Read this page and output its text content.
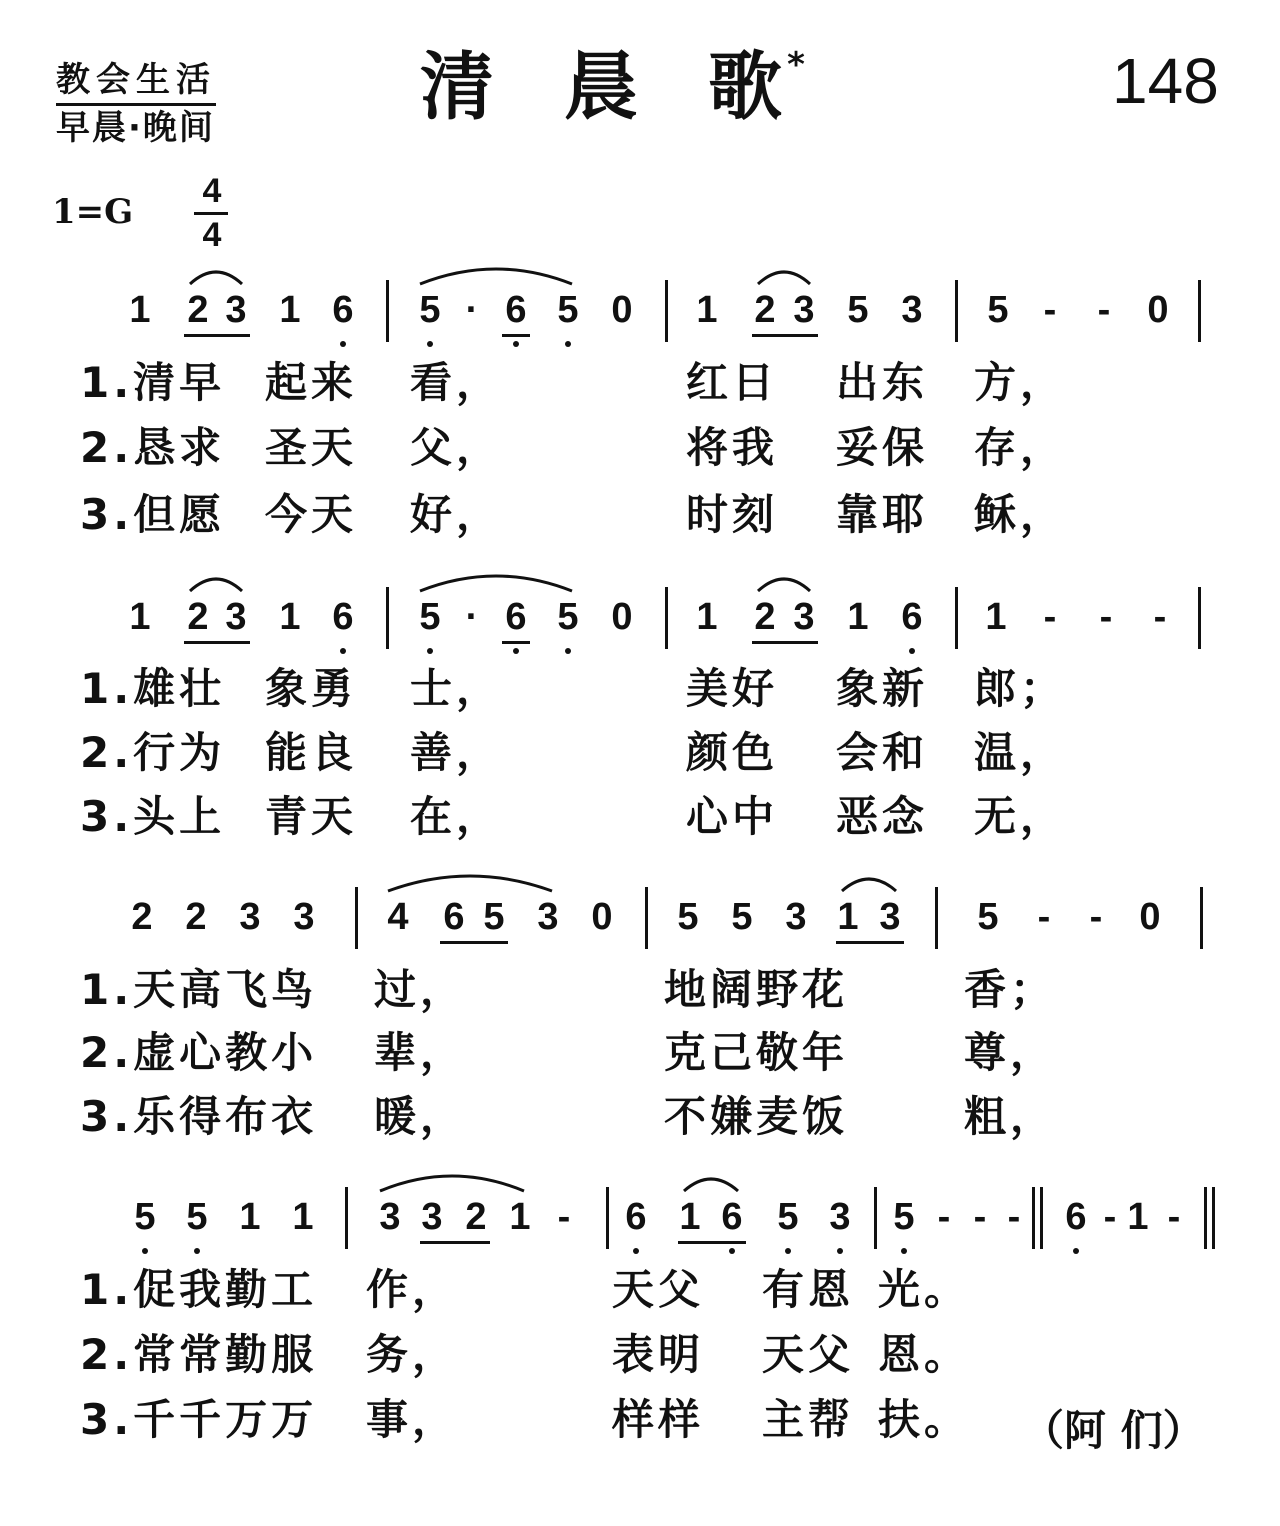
教会生活
早晨·晚间	清 晨 歌 *	148
1=G
4
4
1 2 3 1 6 5 · 6 5 0 1 2 3 5 3 5 - - 0
1 2 3 1 6 5 · 6 5 0 1 2 3 1 6 1 - - -
2 2 3 3 4 6 5 3 0 5 5 3 1 3 5 - - 0
5 5 1 1 3 3 2 1 - 6 1 6 5 3 5 - - - 6 - 1 -
1.清早 起来 看，	红日 出东 方，
2.恳求 圣天 父，	将我 妥保 存，
3.但愿 今天 好，	时刻 靠耶 稣，
1.雄壮 象勇 士，	美好 象新 郎；
2.行为 能良 善，	颜色 会和 温，
3.头上 青天 在，	心中 恶念 无，
1.天高飞鸟 过，	地阔野花	香；
2.虚心教小 辈，	克己敬年	尊，
3.乐得布衣 暖，	不嫌麦饭	粗，
1.促我勤工 作，	天父 有恩 光。
2.常常勤服 务，	表明 天父 恩。
3.千千万万 事，	样样 主帮 扶。 （阿 们）
